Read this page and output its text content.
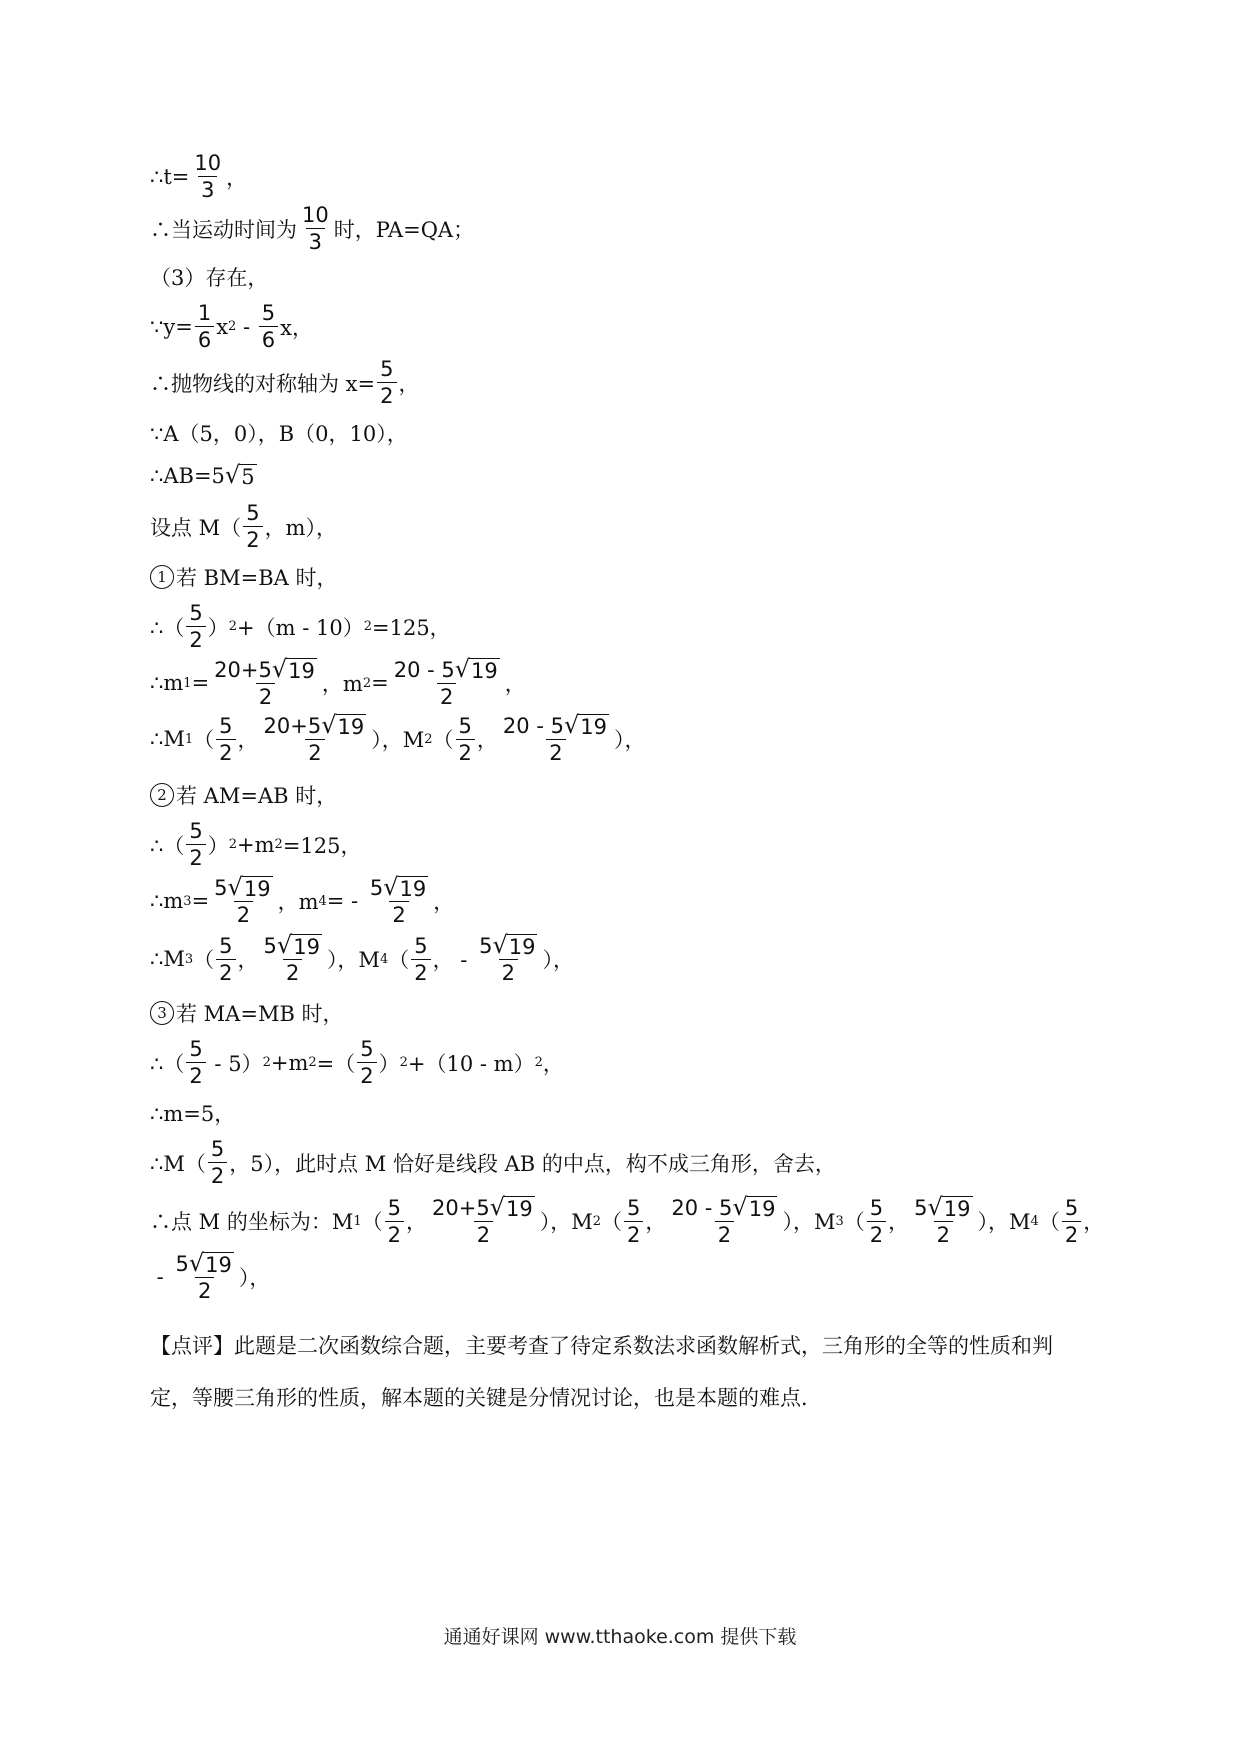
∴t= $\frac{10}{3}$ ，
∴当运动时间为 $\frac{10}{3}$ 时，PA=QA；
（3）存在，
∵y= $\frac{1}{6}$ x $2 - \frac{5}{6}$ x，
∴抛物线的对称轴为 $x= \frac{5}{2}$ ，
∵A（5，0），B（0，10），
∴AB=5 √ 5
设点 $M( \frac{5}{2}$ ，m），
1 若 BM=BA 时，
∴（ $\frac{5}{2}$ ） 2 +（m - 10） 2 =125，
∴m $1 = \frac{20+5 √ 19}{2}$ ，m $2 = \frac{20 - 5 √ 19}{2}$ ，
∴M 1 （ $\frac{5}{2}$ ， $\frac{20+5 √ 19}{2}$ ），M 2 （ $\frac{5}{2}$ ， $\frac{20 - 5 √ 19}{2}$ ），
2 若 AM=AB 时，
∴（ $\frac{5}{2}$ ） 2 +m 2 =125，
∴m $3 = \frac{5 √ 19}{2}$ ，m 4 = - $\frac{5 √ 19}{2}$ ，
∴M 3 （ $\frac{5}{2}$ ， $\frac{5 √ 19}{2}$ ），M 4 （ $\frac{5}{2}$ ， - $\frac{5 √ 19}{2}$ ），
3 若 MA=MB 时，
∴（ $\frac{5}{2} - 5$） 2 +m 2 =（ $\frac{5}{2}$ ） 2 +（10 - m） 2 ，
∴m=5，
∴M（ $\frac{5}{2}$ ，5），此时点 M 恰好是线段 AB 的中点，构不成三角形，舍去，
∴点 M 的坐标为：M 1 （ $\frac{5}{2}$ ， $\frac{20+5 √ 19}{2}$ ），M 2 （ $\frac{5}{2}$ ， $\frac{20 - 5 √ 19}{2}$ ），M 3 （ $\frac{5}{2}$ ， $\frac{5 √ 19}{2}$ ），M 4 （ $\frac{5}{2}$ ，
- $\frac{5 √ 19}{2}$ ），
【点评】此题是二次函数综合题，主要考查了待定系数法求函数解析式，三角形的全等的性质和判定，等腰三角形的性质，解本题的关键是分情况讨论，也是本题的难点．
通通好课网 www.tthaoke.com 提供下载
